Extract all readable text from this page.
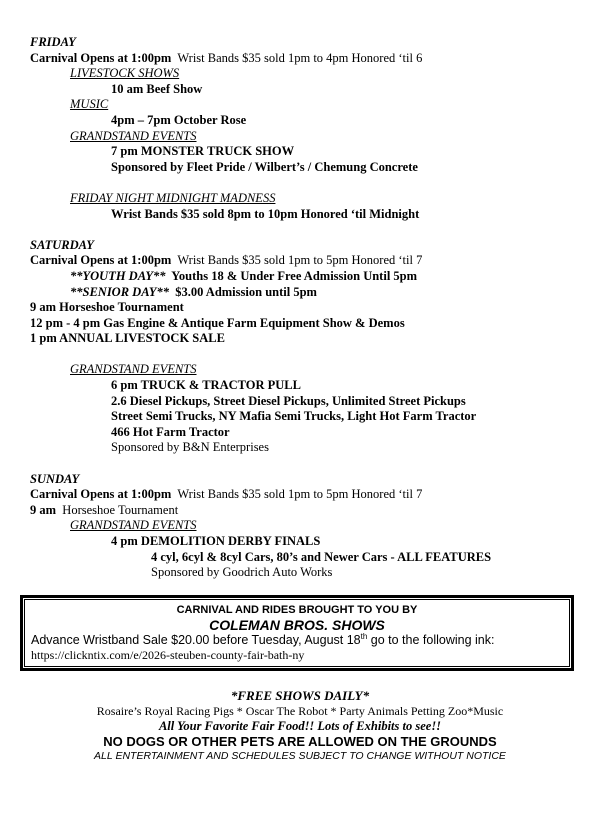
FRIDAY
Carnival Opens at 1:00pm Wrist Bands $35 sold 1pm to 4pm Honored ‘til 6
LIVESTOCK SHOWS
10 am Beef Show
MUSIC
4pm – 7pm October Rose
GRANDSTAND EVENTS
7 pm MONSTER TRUCK SHOW
Sponsored by Fleet Pride / Wilbert’s / Chemung Concrete
FRIDAY NIGHT MIDNIGHT MADNESS
Wrist Bands $35 sold 8pm to 10pm Honored ‘til Midnight
SATURDAY
Carnival Opens at 1:00pm Wrist Bands $35 sold 1pm to 5pm Honored ‘til 7
**YOUTH DAY** Youths 18 & Under Free Admission Until 5pm
**SENIOR DAY** $3.00 Admission until 5pm
9 am Horseshoe Tournament
12 pm - 4 pm Gas Engine & Antique Farm Equipment Show & Demos
1 pm ANNUAL LIVESTOCK SALE
GRANDSTAND EVENTS
6 pm TRUCK & TRACTOR PULL
2.6 Diesel Pickups, Street Diesel Pickups, Unlimited Street Pickups
Street Semi Trucks, NY Mafia Semi Trucks, Light Hot Farm Tractor
466 Hot Farm Tractor
Sponsored by B&N Enterprises
SUNDAY
Carnival Opens at 1:00pm Wrist Bands $35 sold 1pm to 5pm Honored ‘til 7
9 am Horseshoe Tournament
GRANDSTAND EVENTS
4 pm DEMOLITION DERBY FINALS
4 cyl, 6cyl & 8cyl Cars, 80’s and Newer Cars - ALL FEATURES
Sponsored by Goodrich Auto Works
CARNIVAL AND RIDES BROUGHT TO YOU BY
COLEMAN BROS. SHOWS
Advance Wristband Sale $20.00 before Tuesday, August 18th go to the following ink:
https://clickntix.com/e/2026-steuben-county-fair-bath-ny
*FREE SHOWS DAILY*
Rosaire’s Royal Racing Pigs * Oscar The Robot * Party Animals Petting Zoo*Music
All Your Favorite Fair Food!! Lots of Exhibits to see!!
NO DOGS OR OTHER PETS ARE ALLOWED ON THE GROUNDS
ALL ENTERTAINMENT AND SCHEDULES SUBJECT TO CHANGE WITHOUT NOTICE
